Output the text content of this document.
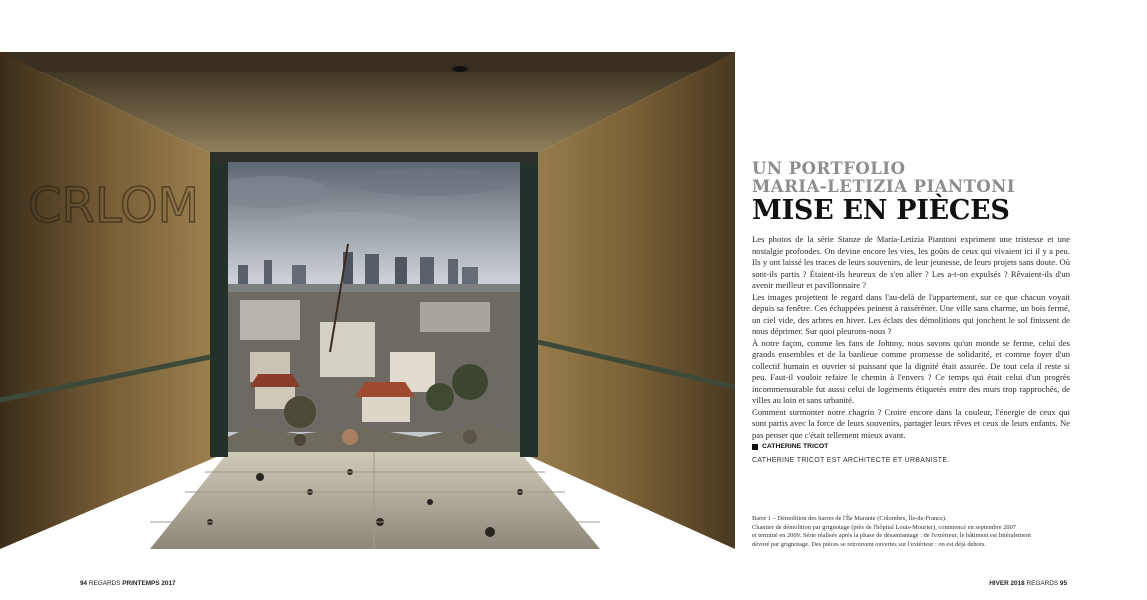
CRLOM

UN PORTFOLIO

MARIA-LETIZIA PIANTONI

MISE EN PIÈCES

Les photos de la série Stanze de Maria-Letizia Piantoni expriment une tristesse et une nostalgie profondes. On devine encore les vies, les goûts de ceux qui vivaient ici il y a peu. Ils y ont laissé les traces de leurs souvenirs, de leur jeunesse, de leurs projets sans doute. Où sont-ils partis ? Étaient-ils heureux de s'en aller ? Les a-t-on expulsés ? Rêvaient-ils d'un avenir meilleur et pavillonnaire ?

Les images projettent le regard dans l'au-delà de l'appartement, sur ce que chacun voyait depuis sa fenêtre. Ces échappées peinent à rasséréner. Une ville sans charme, un bois fermé, un ciel vide, des arbres en hiver. Les éclats des démolitions qui jonchent le sol finissent de nous déprimer. Sur quoi pleurons-nous ?

À notre façon, comme les fans de Johnny, nous savons qu'un monde se ferme, celui des grands ensembles et de la banlieue comme promesse de solidarité, et comme foyer d'un collectif humain et ouvrier si puissant que la dignité était assurée. De tout cela il reste si peu. Faut-il vouloir refaire le chemin à l'envers ? Ce temps qui était celui d'un progrès incommensurable fut aussi celui de logements étiquetés entre des murs trop rapprochés, de villes au loin et sans urbanité.

Comment surmonter notre chagrin ? Croire encore dans la couleur, l'énergie de ceux qui sont partis avec la force de leurs souvenirs, partager leurs rêves et ceux de leurs enfants. Ne pas penser que c'était tellement mieux avant.

CATHERINE TRICOT
CATHERINE TRICOT EST ARCHITECTE ET URBANISTE.
Barre 1 – Démolition des barres de l'Île Marante (Colombes, Île-de-France).
Chantier de démolition par grignotage (près de l'hôpital Louis-Mourier), commencé en septembre 2007
et terminé en 2009. Série réalisée après la phase de désamiantage : de l'extérieur, le bâtiment est littéralement
dévoré par grignotage. Des pièces se retrouvent ouvertes sur l'extérieur : on est déjà dehors.
94 REGARDS PRINTEMPS 2017	HIVER 2018 REGARDS 95
